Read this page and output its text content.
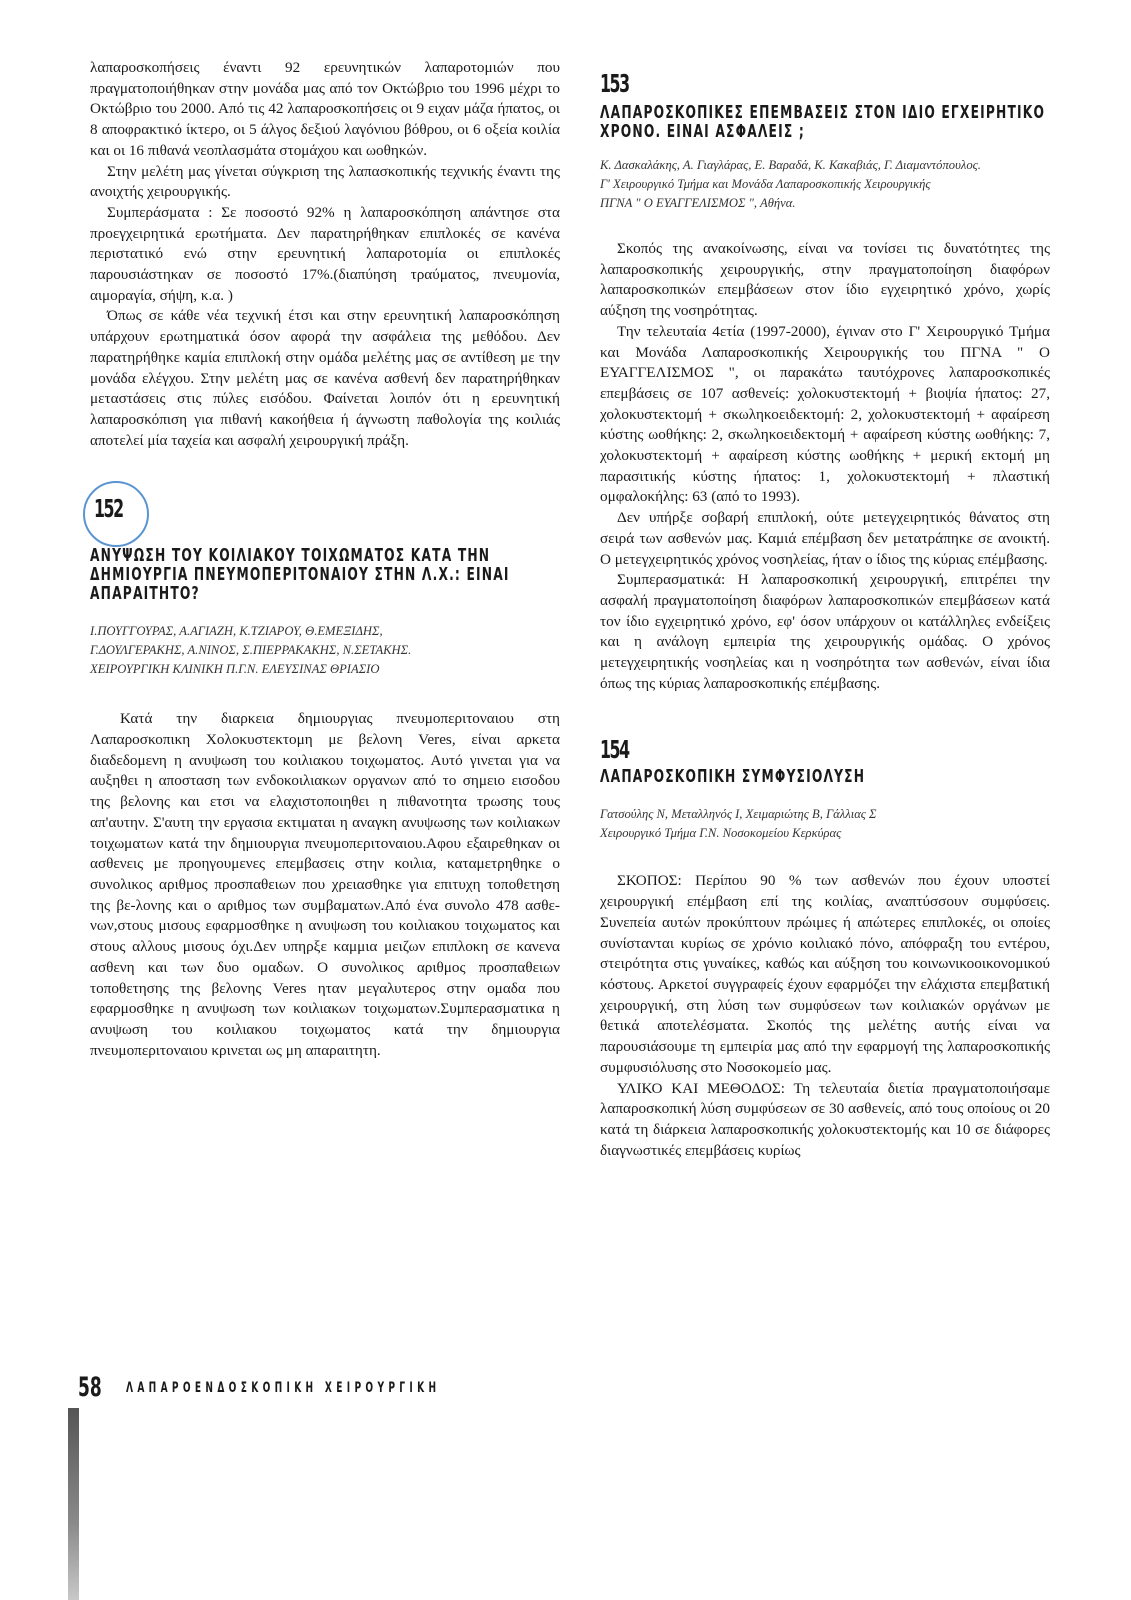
λαπαροσκοπήσεις έναντι 92 ερευνητικών λαπαροτομιών που πραγματοποιήθηκαν στην μονάδα μας από τον Οκτώβριο του 1996 μέχρι το Οκτώβριο του 2000. Από τις 42 λαπαροσκοπήσεις οι 9 ειχαν μάζα ήπατος, οι 8 αποφρακτικό ίκτερο, οι 5 άλγος δεξιού λαγόνιου βόθρου, οι 6 οξεία κοιλία και οι 16 πιθανά νεοπλασμάτα στομάχου και ωοθηκών.

Στην μελέτη μας γίνεται σύγκριση της λαπασκοπικής τεχνικής έναντι της ανοιχτής χειρουργικής.

Συμπεράσματα : Σε ποσοστό 92% η λαπαροσκόπηση απάντησε στα προεγχειρητικά ερωτήματα. Δεν παρατηρήθηκαν επιπλοκές σε κανένα περιστατικό ενώ στην ερευνητική λαπαροτομία οι επιπλοκές παρουσιάστηκαν σε ποσοστό 17%.(διαπύηση τραύματος, πνευμονία, αιμοραγία, σήψη, κ.α. )

Όπως σε κάθε νέα τεχνική έτσι και στην ερευνητική λαπαροσκόπηση υπάρχουν ερωτηματικά όσον αφορά την ασφάλεια της μεθόδου. Δεν παρατηρήθηκε καμία επιπλοκή στην ομάδα μελέτης μας σε αντίθεση με την μονάδα ελέγχου. Στην μελέτη μας σε κανένα ασθενή δεν παρατηρήθηκαν μεταστάσεις στις πύλες εισόδου. Φαίνεται λοιπόν ότι η ερευνητική λαπαροσκόπιση για πιθανή κακοήθεια ή άγνωστη παθολογία της κοιλιάς αποτελεί μία ταχεία και ασφαλή χειρουργική πράξη.

152
ΑΝΥΨΩΣΗ ΤΟΥ ΚΟΙΛΙΑΚΟΥ ΤΟΙΧΩΜΑΤΟΣ ΚΑΤΑ ΤΗΝ ΔΗΜΙΟΥΡΓΙΑ ΠΝΕΥΜΟΠΕΡΙΤΟΝΑΙΟΥ ΣΤΗΝ Λ.Χ.: ΕΙΝΑΙ ΑΠΑΡΑΙΤΗΤΟ?

Ι.ΠΟΥΓΓΟΥΡΑΣ, Α.ΑΓΙΑΖΗ, Κ.ΤΖΙΑΡΟΥ, Θ.ΕΜΕΞΙΔΗΣ,

Γ.ΔΟΥΛΓΕΡΑΚΗΣ, Α.ΝΙΝΟΣ, Σ.ΠΙΕΡΡΑΚΑΚΗΣ, Ν.ΣΕΤΑΚΗΣ.

ΧΕΙΡΟΥΡΓΙΚΗ ΚΛΙΝΙΚΗ Π.Γ.Ν. ΕΛΕΥΣΙΝΑΣ ΘΡΙΑΣΙΟ

Κατά την διαρκεια δημιουργιας πνευμοπεριτοναιου στη Λαπαροσκοπικη Χολοκυστεκτομη με βελονη Veres, είναι αρκετα διαδεδομενη η ανυψωση του κοιλιακου τοιχωματος. Αυτό γινεται για να αυξηθει η αποσταση των ενδοκοιλιακων οργανων από το σημειο εισοδου της βελονης και ετσι να ελαχιστοποιηθει η πιθανοτητα τρωσης τους απ'αυτην. Σ'αυτη την εργασια εκτιμαται η αναγκη ανυψωσης των κοιλιακων τοιχωματων κατά την δημιουργια πνευμοπεριτοναιου.Αφου εξαιρεθηκαν οι ασθενεις με προηγουμενες επεμβασεις στην κοιλια, καταμετρηθηκε ο συνολικος αριθμος προσπαθειων που χρειασθηκε για επιτυχη τοποθετηση της βε-λονης και ο αριθμος των συμβαματων.Από ένα συνολο 478 ασθε-νων,στους μισους εφαρμοσθηκε η ανυψωση του κοιλιακου τοιχωματος και στους αλλους μισους όχι.Δεν υπηρξε καμμια μειζων επιπλοκη σε κανενα ασθενη και των δυο ομαδων. Ο συνολικος αριθμος προσπαθειων τοποθετησης της βελονης Veres ηταν μεγαλυτερος στην ομαδα που εφαρμοσθηκε η ανυψωση των κοιλιακων τοιχωματων.Συμπερασματικα η ανυψωση του κοιλιακου τοιχωματος κατά την δημιουργια πνευμοπεριτοναιου κρινεται ως μη απαραιτητη.

153
ΛΑΠΑΡΟΣΚΟΠΙΚΕΣ ΕΠΕΜΒΑΣΕΙΣ ΣΤΟΝ ΙΔΙΟ ΕΓΧΕΙΡΗΤΙΚΟ ΧΡΟΝΟ. ΕΙΝΑΙ ΑΣΦΑΛΕΙΣ ;

Κ. Δασκαλάκης, Α. Γιαγλάρας, Ε. Βαραδά, Κ. Κακαβιάς, Γ. Διαμαντόπουλος.

Γ' Χειρουργικό Τμήμα και Μονάδα Λαπαροσκοπικής Χειρουργικής

ΠΓΝΑ " Ο ΕΥΑΓΓΕΛΙΣΜΟΣ ", Αθήνα.

Σκοπός της ανακοίνωσης, είναι να τονίσει τις δυνατότητες της λαπαροσκοπικής χειρουργικής, στην πραγματοποίηση διαφόρων λαπαροσκοπικών επεμβάσεων στον ίδιο εγχειρητικό χρόνο, χωρίς αύξηση της νοσηρότητας.

Την τελευταία 4ετία (1997-2000), έγιναν στο Γ' Χειρουργικό Τμήμα και Μονάδα Λαπαροσκοπικής Χειρουργικής του ΠΓΝΑ " Ο ΕΥΑΓΓΕΛΙΣΜΟΣ ", οι παρακάτω ταυτόχρονες λαπαροσκοπικές επεμβάσεις σε 107 ασθενείς: χολοκυστεκτομή + βιοψία ήπατος: 27, χολοκυστεκτομή + σκωληκοειδεκτομή: 2, χολοκυστεκτομή + αφαίρεση κύστης ωοθήκης: 2, σκωληκοειδεκτομή + αφαίρεση κύστης ωοθήκης: 7, χολοκυστεκτομή + αφαίρεση κύστης ωοθήκης + μερική εκτομή μη παρασιτικής κύστης ήπατος: 1, χολοκυστεκτομή + πλαστική ομφαλοκήλης: 63 (από το 1993).

Δεν υπήρξε σοβαρή επιπλοκή, ούτε μετεγχειρητικός θάνατος στη σειρά των ασθενών μας. Καμιά επέμβαση δεν μετατράπηκε σε ανοικτή. Ο μετεγχειρητικός χρόνος νοσηλείας, ήταν ο ίδιος της κύριας επέμβασης.

Συμπερασματικά: Η λαπαροσκοπική χειρουργική, επιτρέπει την ασφαλή πραγματοποίηση διαφόρων λαπαροσκοπικών επεμβάσεων κατά τον ίδιο εγχειρητικό χρόνο, εφ' όσον υπάρχουν οι κατάλληλες ενδείξεις και η ανάλογη εμπειρία της χειρουργικής ομάδας. Ο χρόνος μετεγχειρητικής νοσηλείας και η νοσηρότητα των ασθενών, είναι ίδια όπως της κύριας λαπαροσκοπικής επέμβασης.

154
ΛΑΠΑΡΟΣΚΟΠΙΚΗ ΣΥΜΦΥΣΙΟΛΥΣΗ

Γατσούλης Ν, Μεταλληνός Ι, Χειμαριώτης Β, Γάλλιας Σ

Χειρουργικό Τμήμα Γ.Ν. Νοσοκομείου Κερκύρας

ΣΚΟΠΟΣ: Περίπου 90 % των ασθενών που έχουν υποστεί χειρουργική επέμβαση επί της κοιλίας, αναπτύσσουν συμφύσεις. Συνεπεία αυτών προκύπτουν πρώιμες ή απώτερες επιπλοκές, οι οποίες συνίστανται κυρίως σε χρόνιο κοιλιακό πόνο, απόφραξη του εντέρου, στειρότητα στις γυναίκες, καθώς και αύξηση του κοινωνικοοικονομικού κόστους. Αρκετοί συγγραφείς έχουν εφαρμόζει την ελάχιστα επεμβατική χειρουργική, στη λύση των συμφύσεων των κοιλιακών οργάνων με θετικά αποτελέσματα. Σκοπός της μελέτης αυτής είναι να παρουσιάσουμε τη εμπειρία μας από την εφαρμογή της λαπαροσκοπικής συμφυσιόλυσης στο Νοσοκομείο μας.

ΥΛΙΚΟ ΚΑΙ ΜΕΘΟΔΟΣ: Τη τελευταία διετία πραγματοποιήσαμε λαπαροσκοπική λύση συμφύσεων σε 30 ασθενείς, από τους οποίους οι 20 κατά τη διάρκεια λαπαροσκοπικής χολοκυστεκτομής και 10 σε διάφορες διαγνωστικές επεμβάσεις κυρίως

58 ΛΑΠΑΡΟΕΝΔΟΣΚΟΠΙΚΗ ΧΕΙΡΟΥΡΓΙΚΗ
